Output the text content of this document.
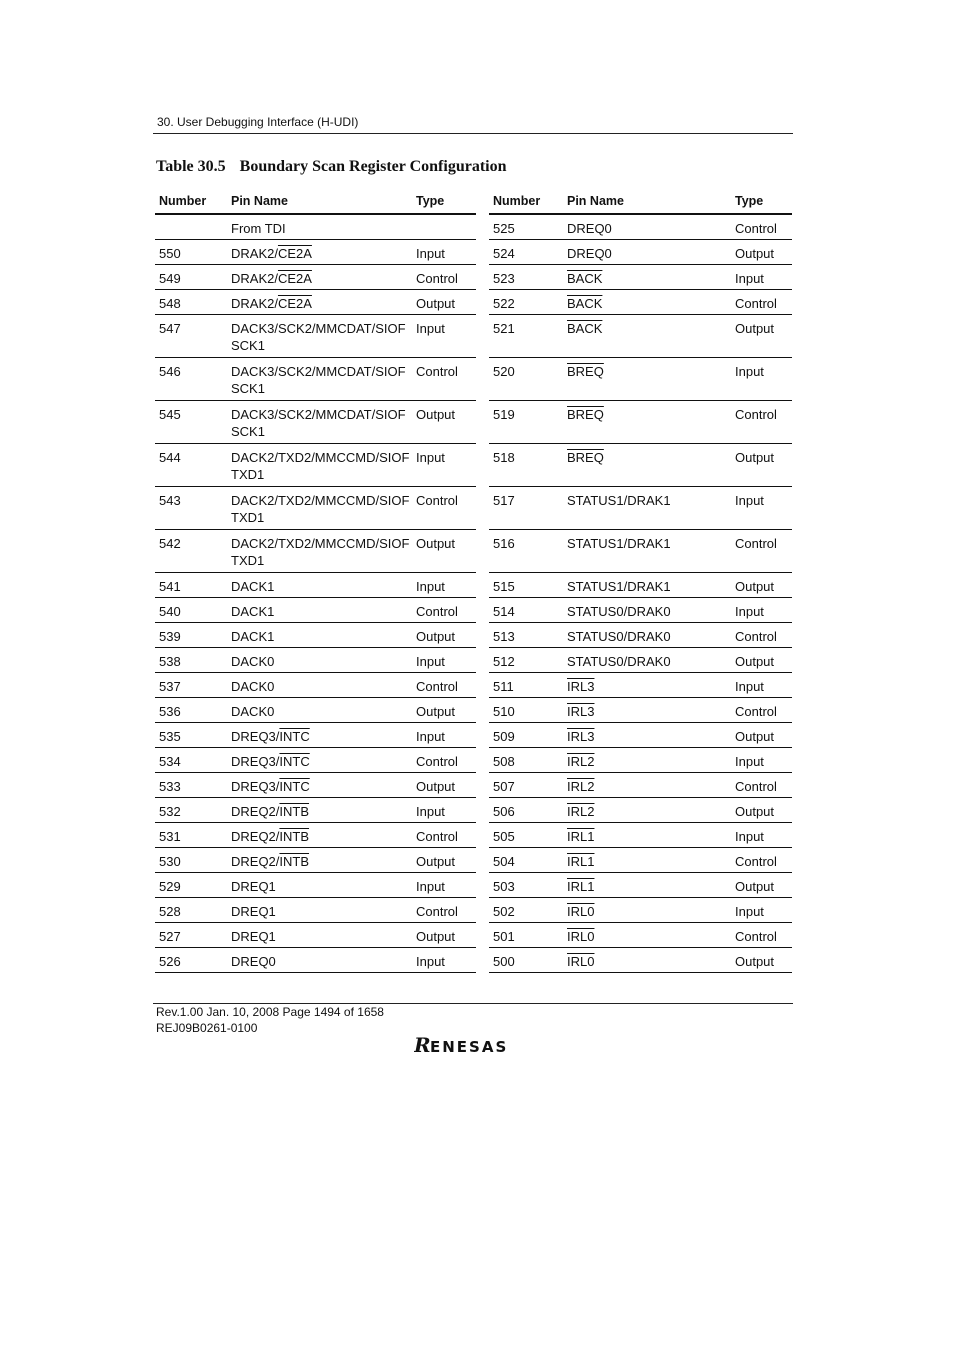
30. User Debugging Interface (H-UDI)
Table 30.5 Boundary Scan Register Configuration
Number	Pin Name	Type
	From TDI	
550	DRAK2/CE2A	Input
549	DRAK2/CE2A	Control
548	DRAK2/CE2A	Output
547	DACK3/SCK2/MMCDAT/SIOF SCK1	Input
546	DACK3/SCK2/MMCDAT/SIOF SCK1	Control
545	DACK3/SCK2/MMCDAT/SIOF SCK1	Output
544	DACK2/TXD2/MMCCMD/SIOF TXD1	Input
543	DACK2/TXD2/MMCCMD/SIOF TXD1	Control
542	DACK2/TXD2/MMCCMD/SIOF TXD1	Output
541	DACK1	Input
540	DACK1	Control
539	DACK1	Output
538	DACK0	Input
537	DACK0	Control
536	DACK0	Output
535	DREQ3/INTC	Input
534	DREQ3/INTC	Control
533	DREQ3/INTC	Output
532	DREQ2/INTB	Input
531	DREQ2/INTB	Control
530	DREQ2/INTB	Output
529	DREQ1	Input
528	DREQ1	Control
527	DREQ1	Output
526	DREQ0	Input
Number	Pin Name	Type
525	DREQ0	Control
524	DREQ0	Output
523	BACK	Input
522	BACK	Control
521	BACK	Output
520	BREQ	Input
519	BREQ	Control
518	BREQ	Output
517	STATUS1/DRAK1	Input
516	STATUS1/DRAK1	Control
515	STATUS1/DRAK1	Output
514	STATUS0/DRAK0	Input
513	STATUS0/DRAK0	Control
512	STATUS0/DRAK0	Output
511	IRL3	Input
510	IRL3	Control
509	IRL3	Output
508	IRL2	Input
507	IRL2	Control
506	IRL2	Output
505	IRL1	Input
504	IRL1	Control
503	IRL1	Output
502	IRL0	Input
501	IRL0	Control
500	IRL0	Output
Rev.1.00 Jan. 10, 2008 Page 1494 of 1658
REJ09B0261-0100
R
ENESAS
